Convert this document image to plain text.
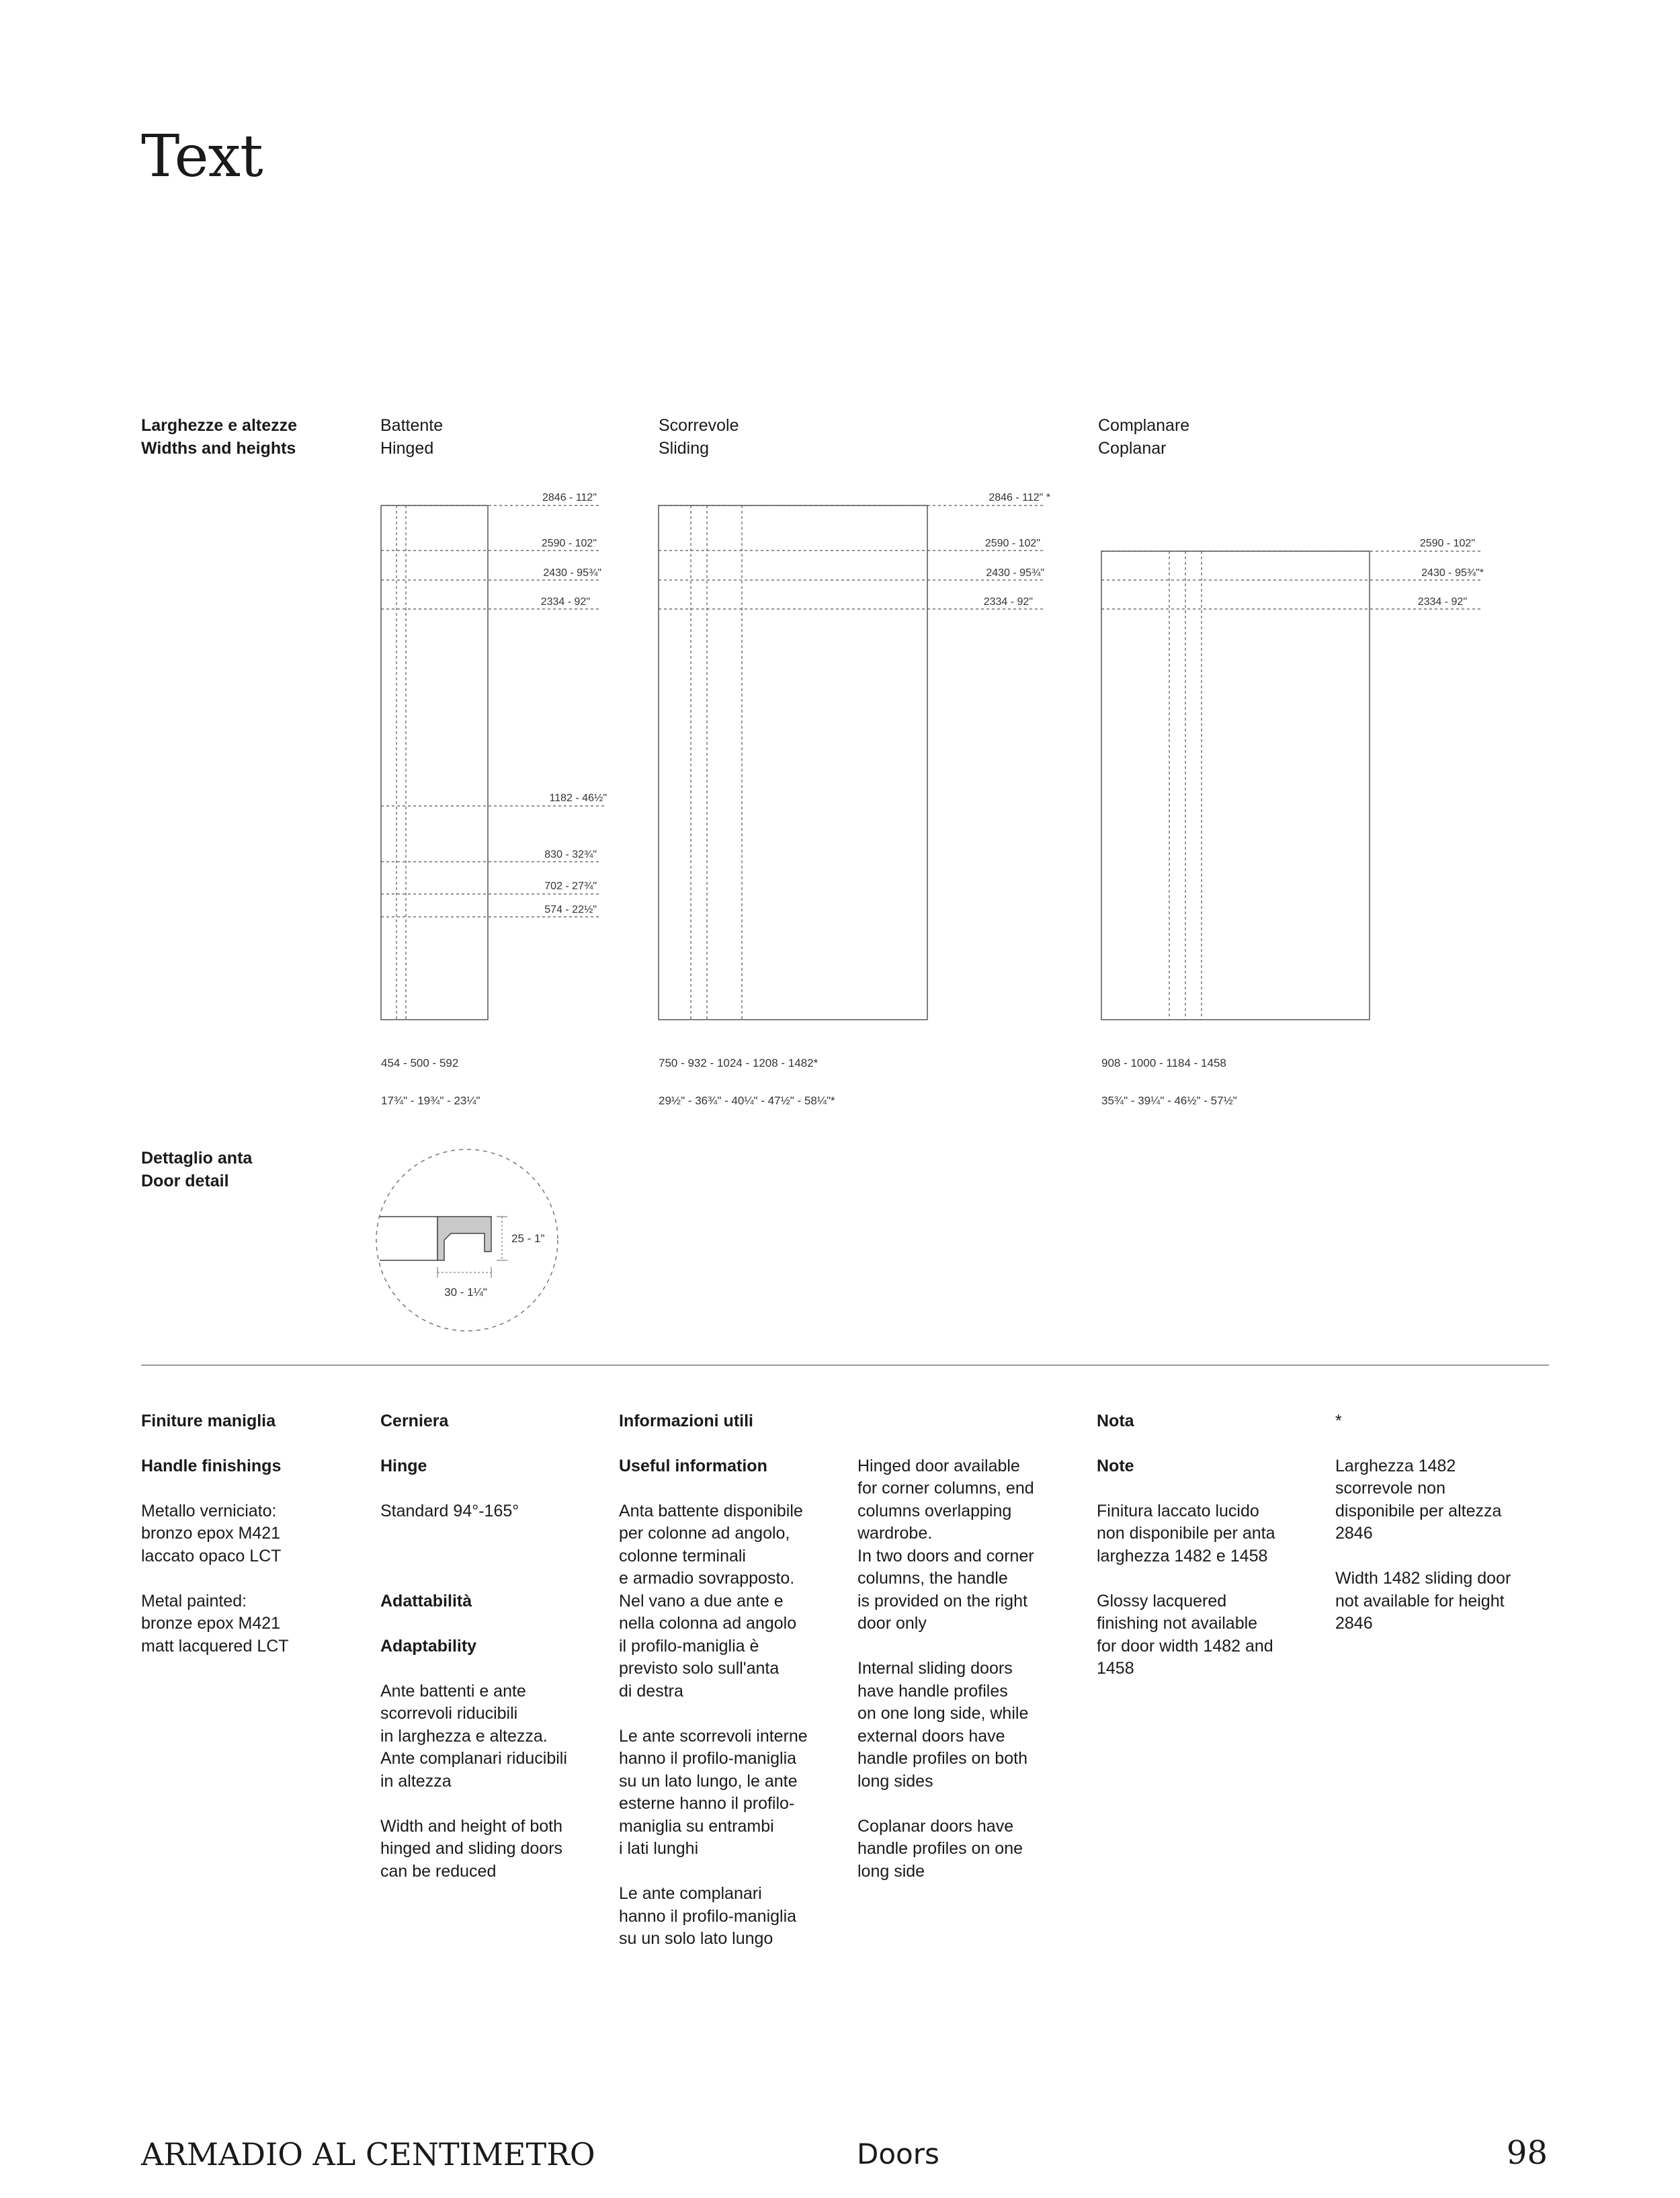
Text
Larghezze e altezze
Widths and heights
Battente
Hinged
Scorrevole
Sliding
Complanare
Coplanar
2846 - 112"
2590 - 102"
2430 - 95¾"
2334 - 92"
1182 - 46½"
830 - 32¾"
702 - 27¾"
574 - 22½"
2846 - 112" *
2590 - 102"
2430 - 95¾"
2334 - 92"
2590 - 102"
2430 - 95¾"*
2334 - 92"

454 - 500 - 592

17¾" - 19¾" - 23¼"

750 - 932 - 1024 - 1208 - 1482*

29½" - 36¾" - 40¼" - 47½" - 58¼"*

908 - 1000 - 1184 - 1458

35¾" - 39¼" - 46½" - 57½"

Dettaglio anta
Door detail
25 - 1"
30 - 1¼"

Finiture maniglia

Handle finishings

Metallo verniciato:
bronzo epox M421
laccato opaco LCT

Metal painted:
bronze epox M421
matt lacquered LCT

Cerniera

Hinge

Standard 94°-165°

Adattabilità

Adaptability

Ante battenti e ante
scorrevoli riducibili
in larghezza e altezza.
Ante complanari riducibili
in altezza

Width and height of both
hinged and sliding doors
can be reduced

Informazioni utili

Useful information

Anta battente disponibile
per colonne ad angolo,
colonne terminali
e armadio sovrapposto.
Nel vano a due ante e
nella colonna ad angolo
il profilo-maniglia è
previsto solo sull'anta
di destra

Le ante scorrevoli interne
hanno il profilo-maniglia
su un lato lungo, le ante
esterne hanno il profilo-
maniglia su entrambi
i lati lunghi

Le ante complanari
hanno il profilo-maniglia
su un solo lato lungo

Hinged door available
for corner columns, end
columns overlapping
wardrobe.
In two doors and corner
columns, the handle
is provided on the right
door only

Internal sliding doors
have handle profiles
on one long side, while
external doors have
handle profiles on both
long sides

Coplanar doors have
handle profiles on one
long side

Nota

Note

Finitura laccato lucido
non disponibile per anta
larghezza 1482 e 1458

Glossy lacquered
finishing not available
for door width 1482 and
1458

*

Larghezza 1482
scorrevole non
disponibile per altezza
2846

Width 1482 sliding door
not available for height
2846

ARMADIO AL CENTIMETRO	Doors	98
